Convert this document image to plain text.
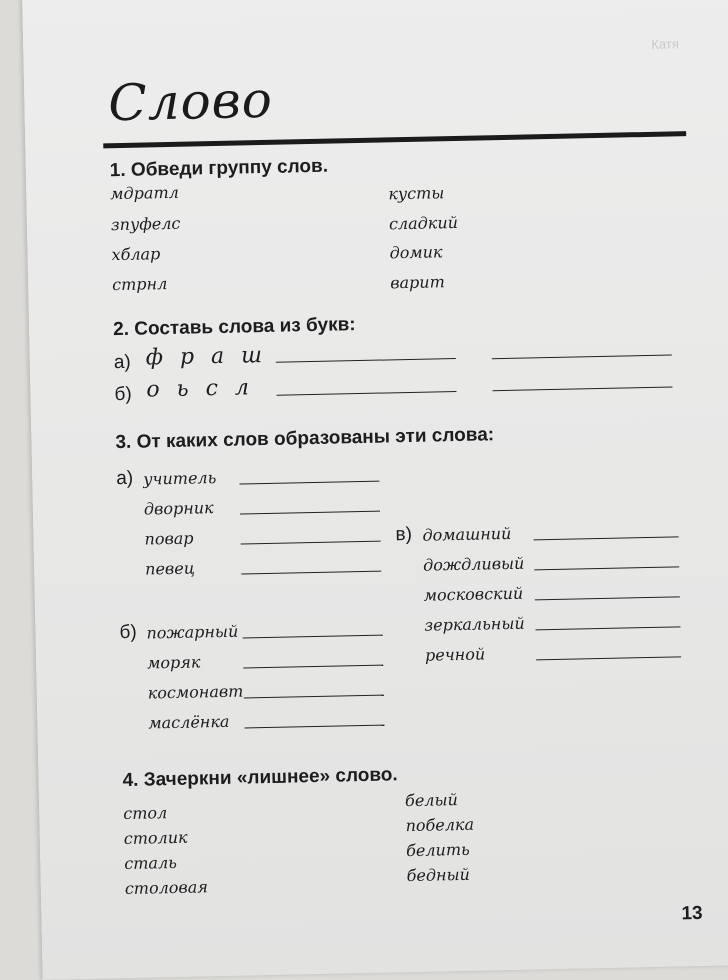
Катя
Слово
1. Обведи группу слов.
мдратл
зпуфелс
хблар
стрнл
кусты
сладкий
домик
варит
2. Составь слова из букв:
а) ф р а ш
б) о ь с л
3. От каких слов образованы эти слова:
а) учитель
дворник
повар
певец
б) пожарный
моряк
космонавт
маслёнка
в) домашний
дождливый
московский
зеркальный
речной
4. Зачеркни «лишнее» слово.
стол
столик
сталь
столовая
белый
побелка
белить
бедный
13
